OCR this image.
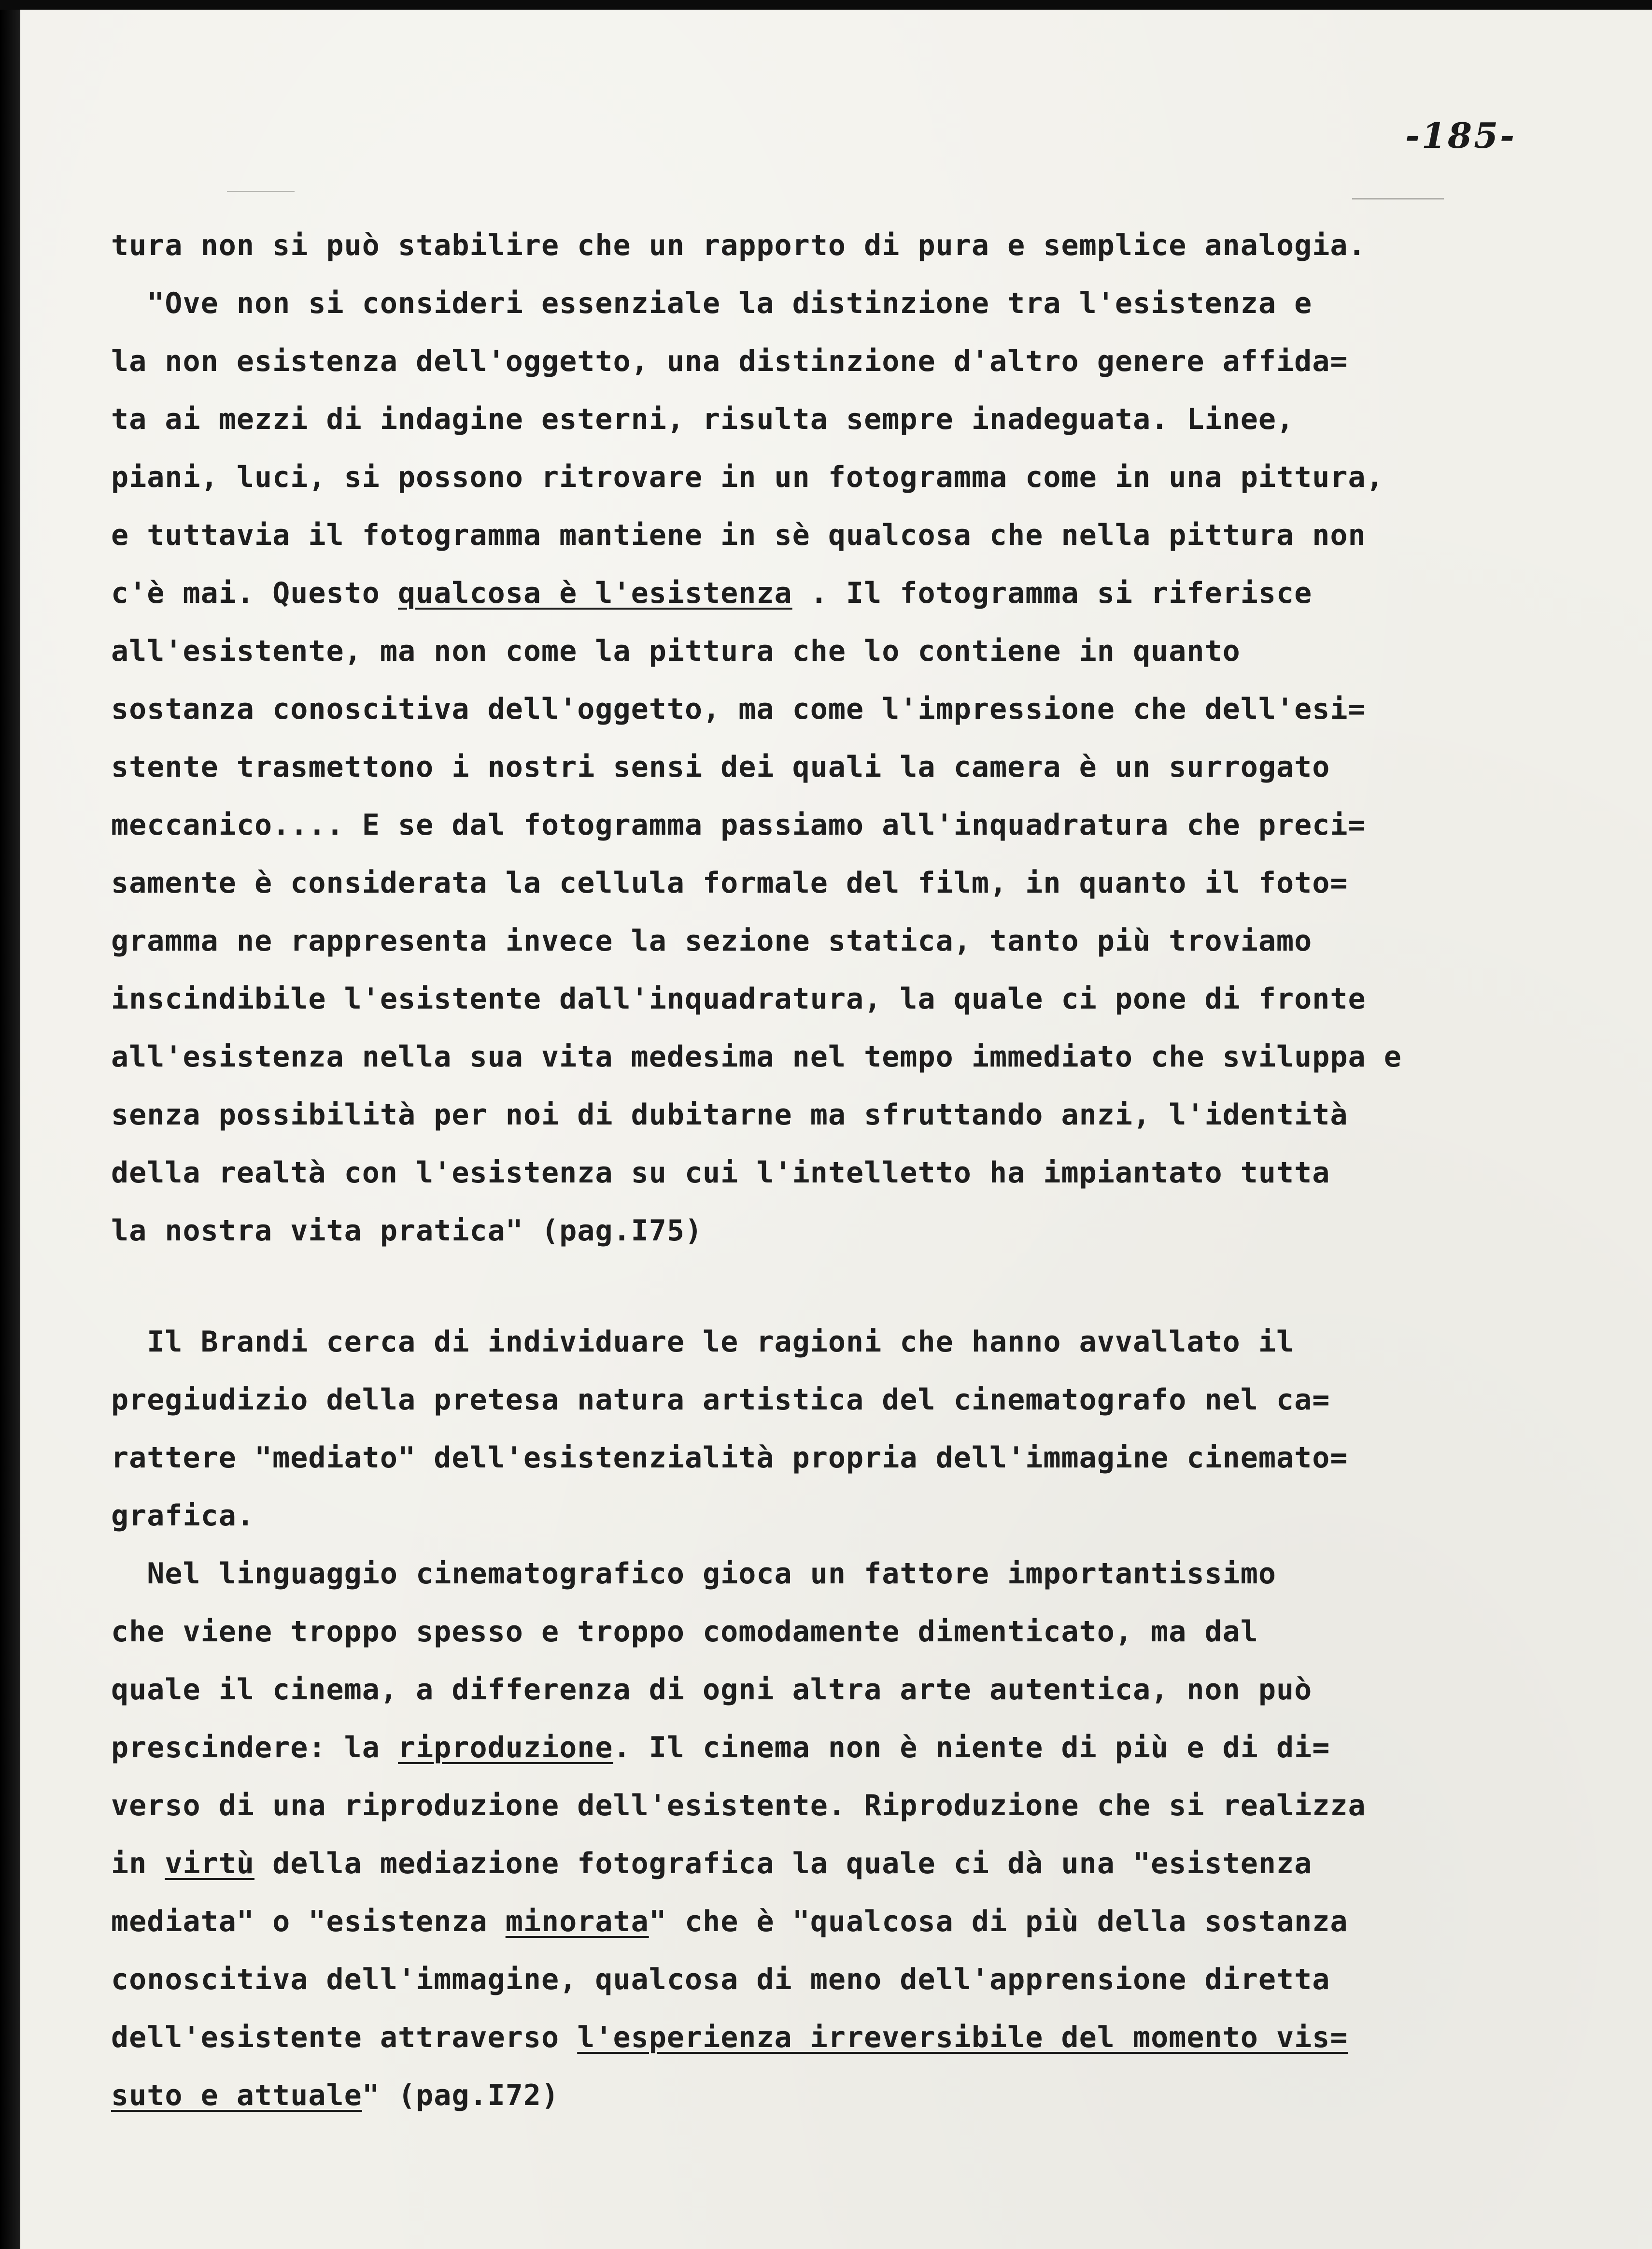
-185-
tura non si può stabilire che un rapporto di pura e semplice analogia.
"Ove non si consideri essenziale la distinzione tra l'esistenza e
la non esistenza dell'oggetto, una distinzione d'altro genere affida=
ta ai mezzi di indagine esterni, risulta sempre inadeguata. Linee,
piani, luci, si possono ritrovare in un fotogramma come in una pittura,
e tuttavia il fotogramma mantiene in sè qualcosa che nella pittura non
c'è mai. Questo qualcosa è l'esistenza . Il fotogramma si riferisce
all'esistente, ma non come la pittura che lo contiene in quanto
sostanza conoscitiva dell'oggetto, ma come l'impressione che dell'esi=
stente trasmettono i nostri sensi dei quali la camera è un surrogato
meccanico.... E se dal fotogramma passiamo all'inquadratura che preci=
samente è considerata la cellula formale del film, in quanto il foto=
gramma ne rappresenta invece la sezione statica, tanto più troviamo
inscindibile l'esistente dall'inquadratura, la quale ci pone di fronte
all'esistenza nella sua vita medesima nel tempo immediato che sviluppa e
senza possibilità per noi di dubitarne ma sfruttando anzi, l'identità
della realtà con l'esistenza su cui l'intelletto ha impiantato tutta
la nostra vita pratica" (pag.I75)
Il Brandi cerca di individuare le ragioni che hanno avvallato il
pregiudizio della pretesa natura artistica del cinematografo nel ca=
rattere "mediato" dell'esistenzialità propria dell'immagine cinemato=
grafica.
Nel linguaggio cinematografico gioca un fattore importantissimo
che viene troppo spesso e troppo comodamente dimenticato, ma dal
quale il cinema, a differenza di ogni altra arte autentica, non può
prescindere: la riproduzione. Il cinema non è niente di più e di di=
verso di una riproduzione dell'esistente. Riproduzione che si realizza
in virtù della mediazione fotografica la quale ci dà una "esistenza
mediata" o "esistenza minorata" che è "qualcosa di più della sostanza
conoscitiva dell'immagine, qualcosa di meno dell'apprensione diretta
dell'esistente attraverso l'esperienza irreversibile del momento vis=
suto e attuale" (pag.I72)
